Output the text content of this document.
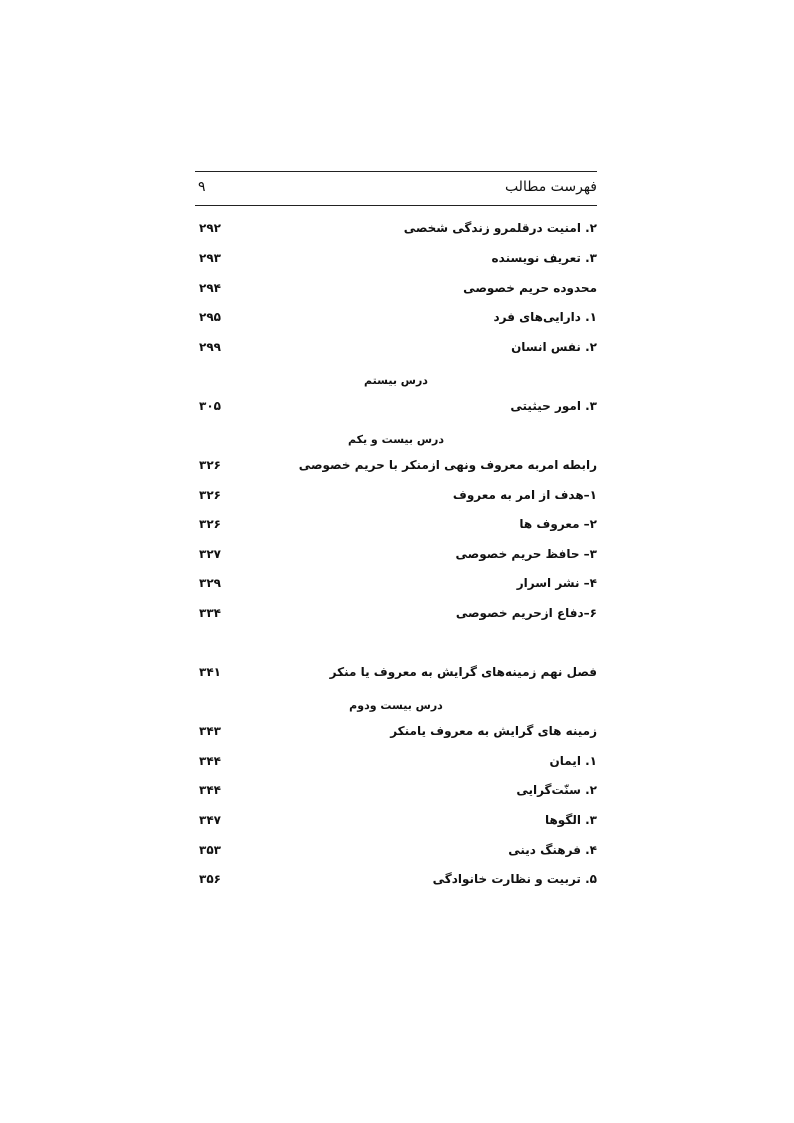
فهرست مطالب
۹
۲. امنیت درقلمرو زندگی شخصی
۲۹۲
۳. تعریف نویسنده
۲۹۳
محدوده حریم خصوصی
۲۹۴
۱. دارایی‌های فرد
۲۹۵
۲. نفس انسان
۲۹۹
درس بیستم
۳. امور حیثیتی
۳۰۵
درس بیست و یکم
رابطه امربه معروف ونهی ازمنکر با حریم خصوصی
۳۲۶
۱–هدف از امر به معروف
۳۲۶
۲– معروف ها
۳۲۶
۳– حافظ حریم خصوصی
۳۲۷
۴– نشر اسرار
۳۲۹
۶–دفاع ازحریم خصوصی
۳۳۴
فصل نهم زمینه‌های گرایش به معروف یا منکر
۳۴۱
درس بیست ودوم
زمینه های گرایش به معروف یامنکر
۳۴۳
۱. ایمان
۳۴۴
۲. سنّت‌گرایی
۳۴۴
۳. الگوها
۳۴۷
۴. فرهنگ دینی
۳۵۳
۵. تربیت و نظارت خانوادگی
۳۵۶
